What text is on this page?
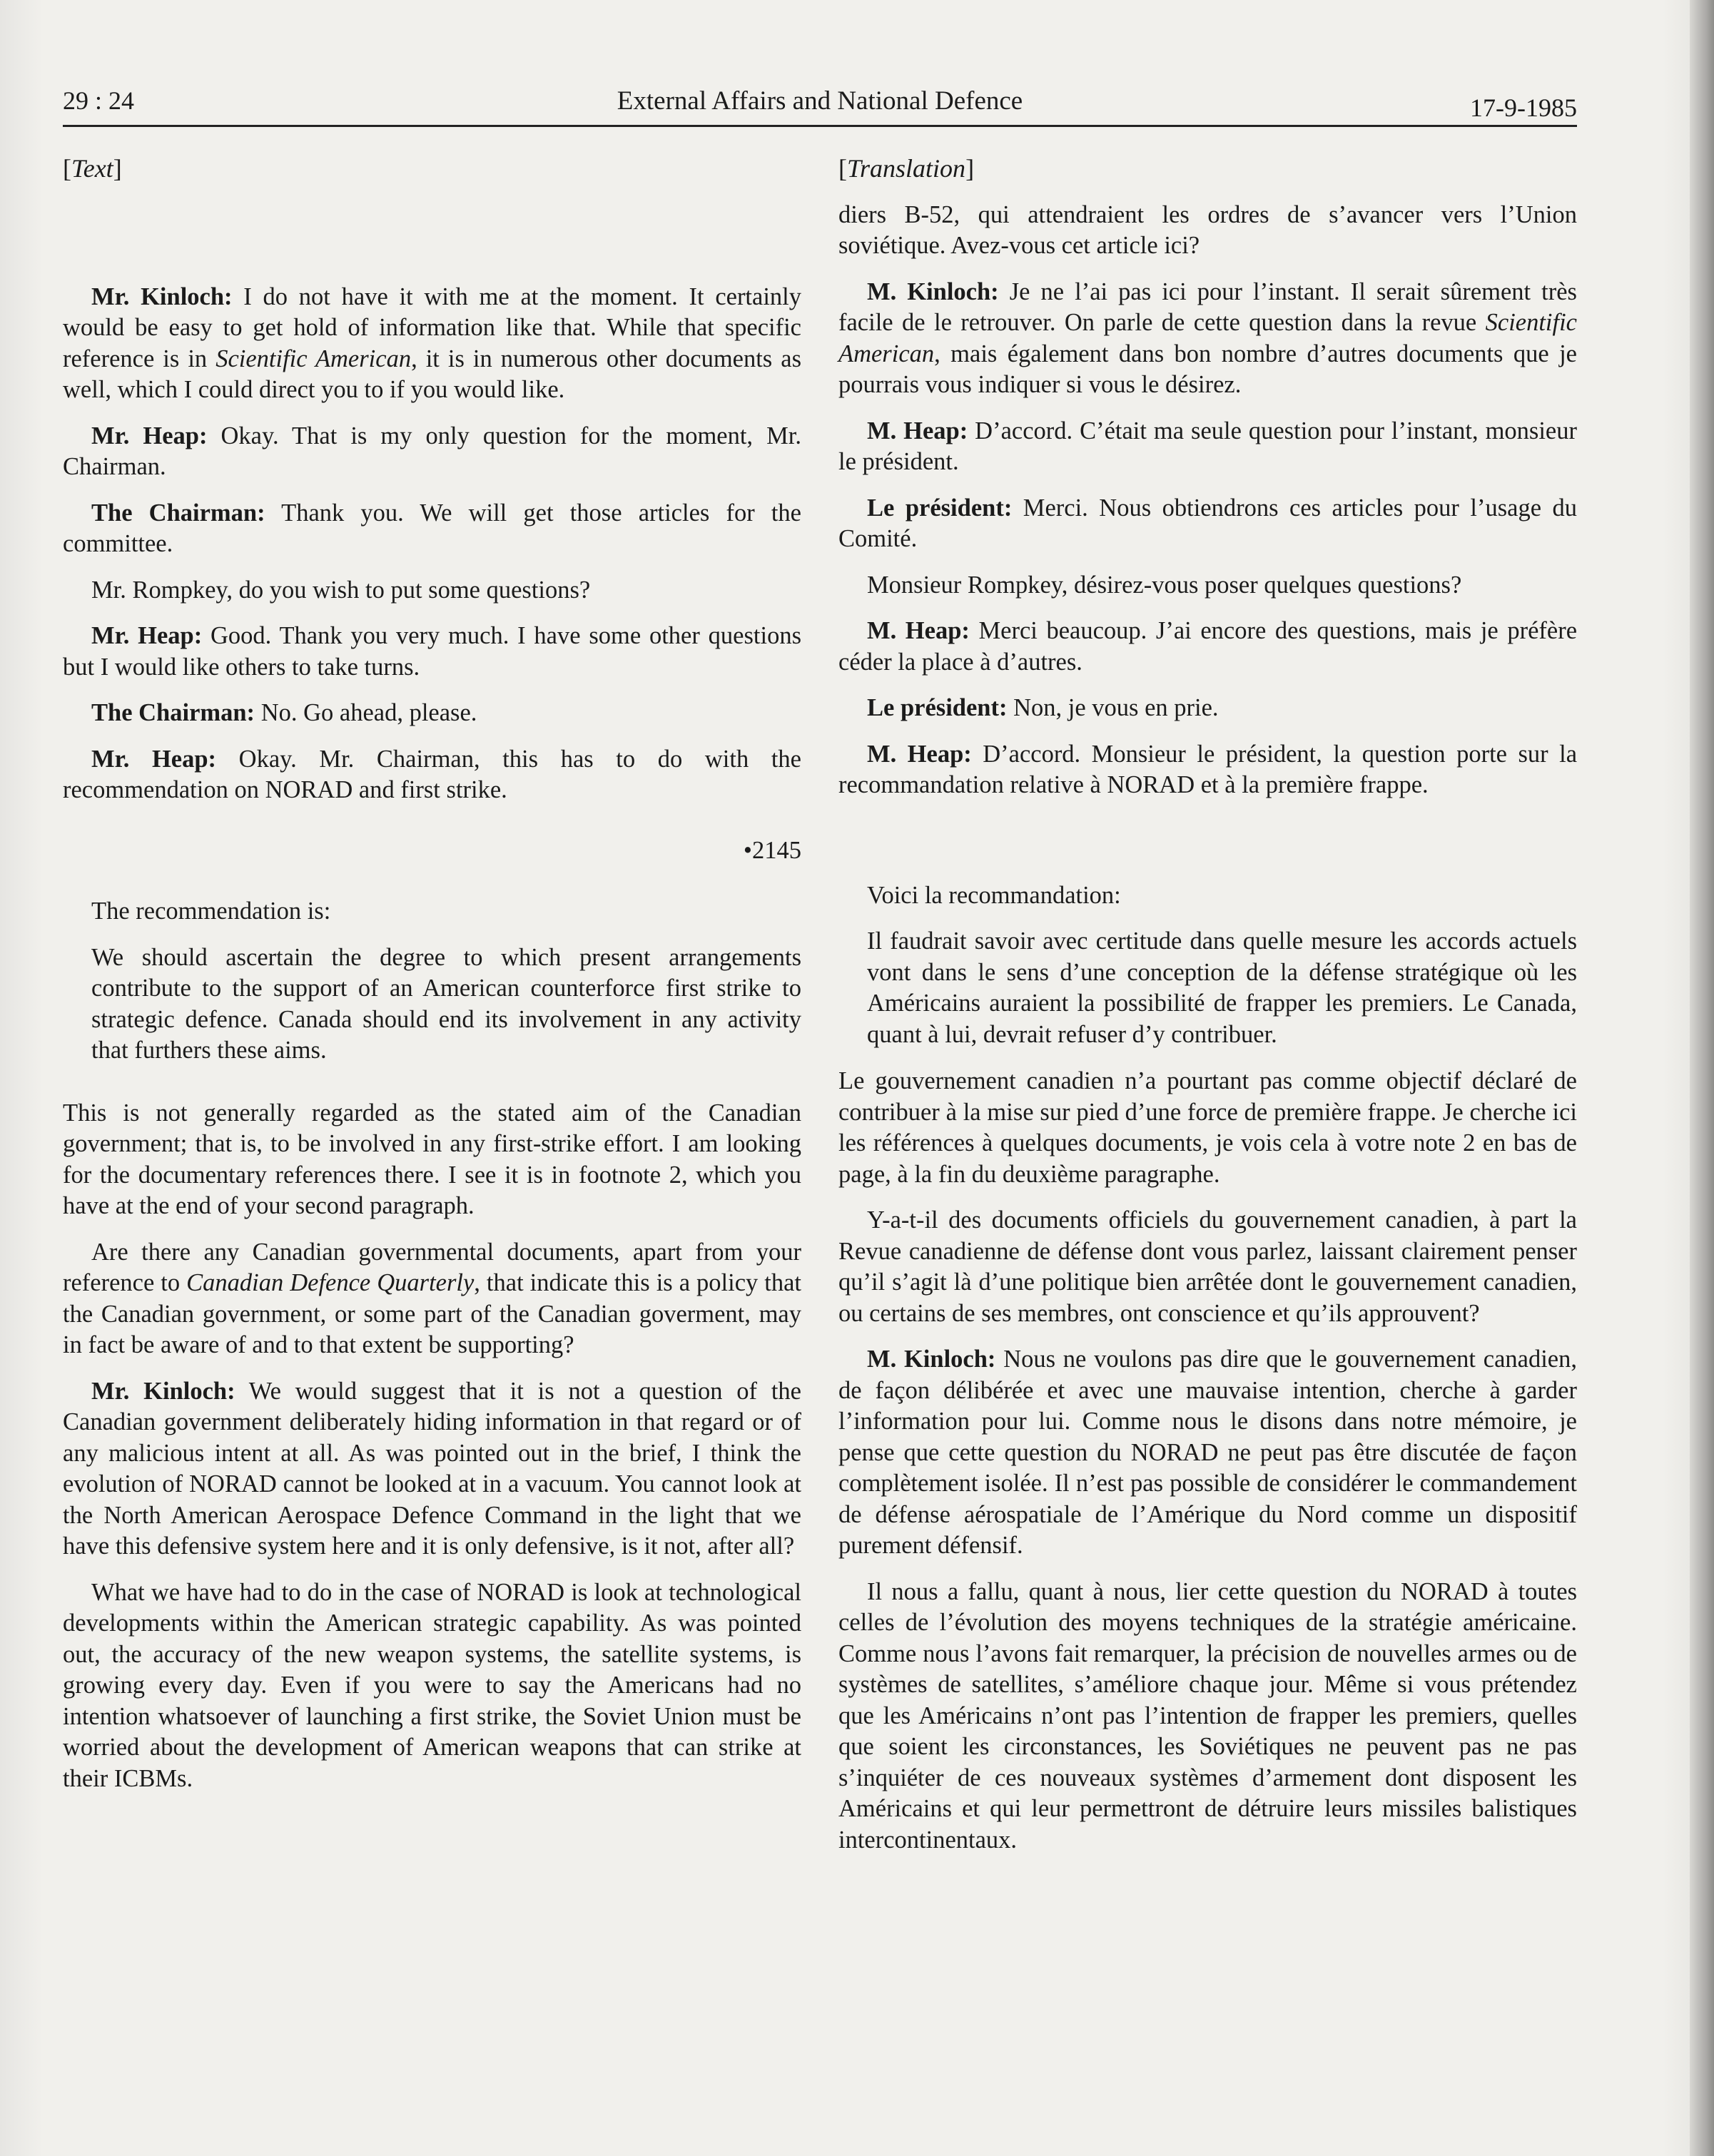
29 : 24	External Affairs and National Defence	17-9-1985

[Text]

Mr. Kinloch: I do not have it with me at the moment. It certainly would be easy to get hold of information like that. While that specific reference is in Scientific American, it is in numerous other documents as well, which I could direct you to if you would like.

Mr. Heap: Okay. That is my only question for the moment, Mr. Chairman.

The Chairman: Thank you. We will get those articles for the committee.

Mr. Rompkey, do you wish to put some questions?

Mr. Heap: Good. Thank you very much. I have some other questions but I would like others to take turns.

The Chairman: No. Go ahead, please.

Mr. Heap: Okay. Mr. Chairman, this has to do with the recommendation on NORAD and first strike.

• 2145

The recommendation is:

We should ascertain the degree to which present arrangements contribute to the support of an American counterforce first strike to strategic defence. Canada should end its involvement in any activity that furthers these aims.

This is not generally regarded as the stated aim of the Canadian government; that is, to be involved in any first-strike effort. I am looking for the documentary references there. I see it is in footnote 2, which you have at the end of your second paragraph.

Are there any Canadian governmental documents, apart from your reference to Canadian Defence Quarterly, that indicate this is a policy that the Canadian government, or some part of the Canadian goverment, may in fact be aware of and to that extent be supporting?

Mr. Kinloch: We would suggest that it is not a question of the Canadian government deliberately hiding information in that regard or of any malicious intent at all. As was pointed out in the brief, I think the evolution of NORAD cannot be looked at in a vacuum. You cannot look at the North American Aerospace Defence Command in the light that we have this defensive system here and it is only defensive, is it not, after all?

What we have had to do in the case of NORAD is look at technological developments within the American strategic capability. As was pointed out, the accuracy of the new weapon systems, the satellite systems, is growing every day. Even if you were to say the Americans had no intention whatsoever of launching a first strike, the Soviet Union must be worried about the development of American weapons that can strike at their ICBMs.

[Translation]

diers B-52, qui attendraient les ordres de s’avancer vers l’Union soviétique. Avez-vous cet article ici?

M. Kinloch: Je ne l’ai pas ici pour l’instant. Il serait sûrement très facile de le retrouver. On parle de cette question dans la revue Scientific American, mais également dans bon nombre d’autres documents que je pourrais vous indiquer si vous le désirez.

M. Heap: D’accord. C’était ma seule question pour l’instant, monsieur le président.

Le président: Merci. Nous obtiendrons ces articles pour l’usage du Comité.

Monsieur Rompkey, désirez-vous poser quelques questions?

M. Heap: Merci beaucoup. J’ai encore des questions, mais je préfère céder la place à d’autres.

Le président: Non, je vous en prie.

M. Heap: D’accord. Monsieur le président, la question porte sur la recommandation relative à NORAD et à la première frappe.

Voici la recommandation:

Il faudrait savoir avec certitude dans quelle mesure les accords actuels vont dans le sens d’une conception de la défense stratégique où les Américains auraient la possibilité de frapper les premiers. Le Canada, quant à lui, devrait refuser d’y contribuer.

Le gouvernement canadien n’a pourtant pas comme objectif déclaré de contribuer à la mise sur pied d’une force de première frappe. Je cherche ici les références à quelques documents, je vois cela à votre note 2 en bas de page, à la fin du deuxième paragraphe.

Y-a-t-il des documents officiels du gouvernement canadien, à part la Revue canadienne de défense dont vous parlez, laissant clairement penser qu’il s’agit là d’une politique bien arrêtée dont le gouvernement canadien, ou certains de ses membres, ont conscience et qu’ils approuvent?

M. Kinloch: Nous ne voulons pas dire que le gouvernement canadien, de façon délibérée et avec une mauvaise intention, cherche à garder l’information pour lui. Comme nous le disons dans notre mémoire, je pense que cette question du NORAD ne peut pas être discutée de façon complètement isolée. Il n’est pas possible de considérer le commandement de défense aérospatiale de l’Amérique du Nord comme un dispositif purement défensif.

Il nous a fallu, quant à nous, lier cette question du NORAD à toutes celles de l’évolution des moyens techniques de la stratégie américaine. Comme nous l’avons fait remarquer, la précision de nouvelles armes ou de systèmes de satellites, s’améliore chaque jour. Même si vous prétendez que les Américains n’ont pas l’intention de frapper les premiers, quelles que soient les circonstances, les Soviétiques ne peuvent pas ne pas s’inquiéter de ces nouveaux systèmes d’armement dont disposent les Américains et qui leur permettront de détruire leurs missiles balistiques intercontinentaux.
